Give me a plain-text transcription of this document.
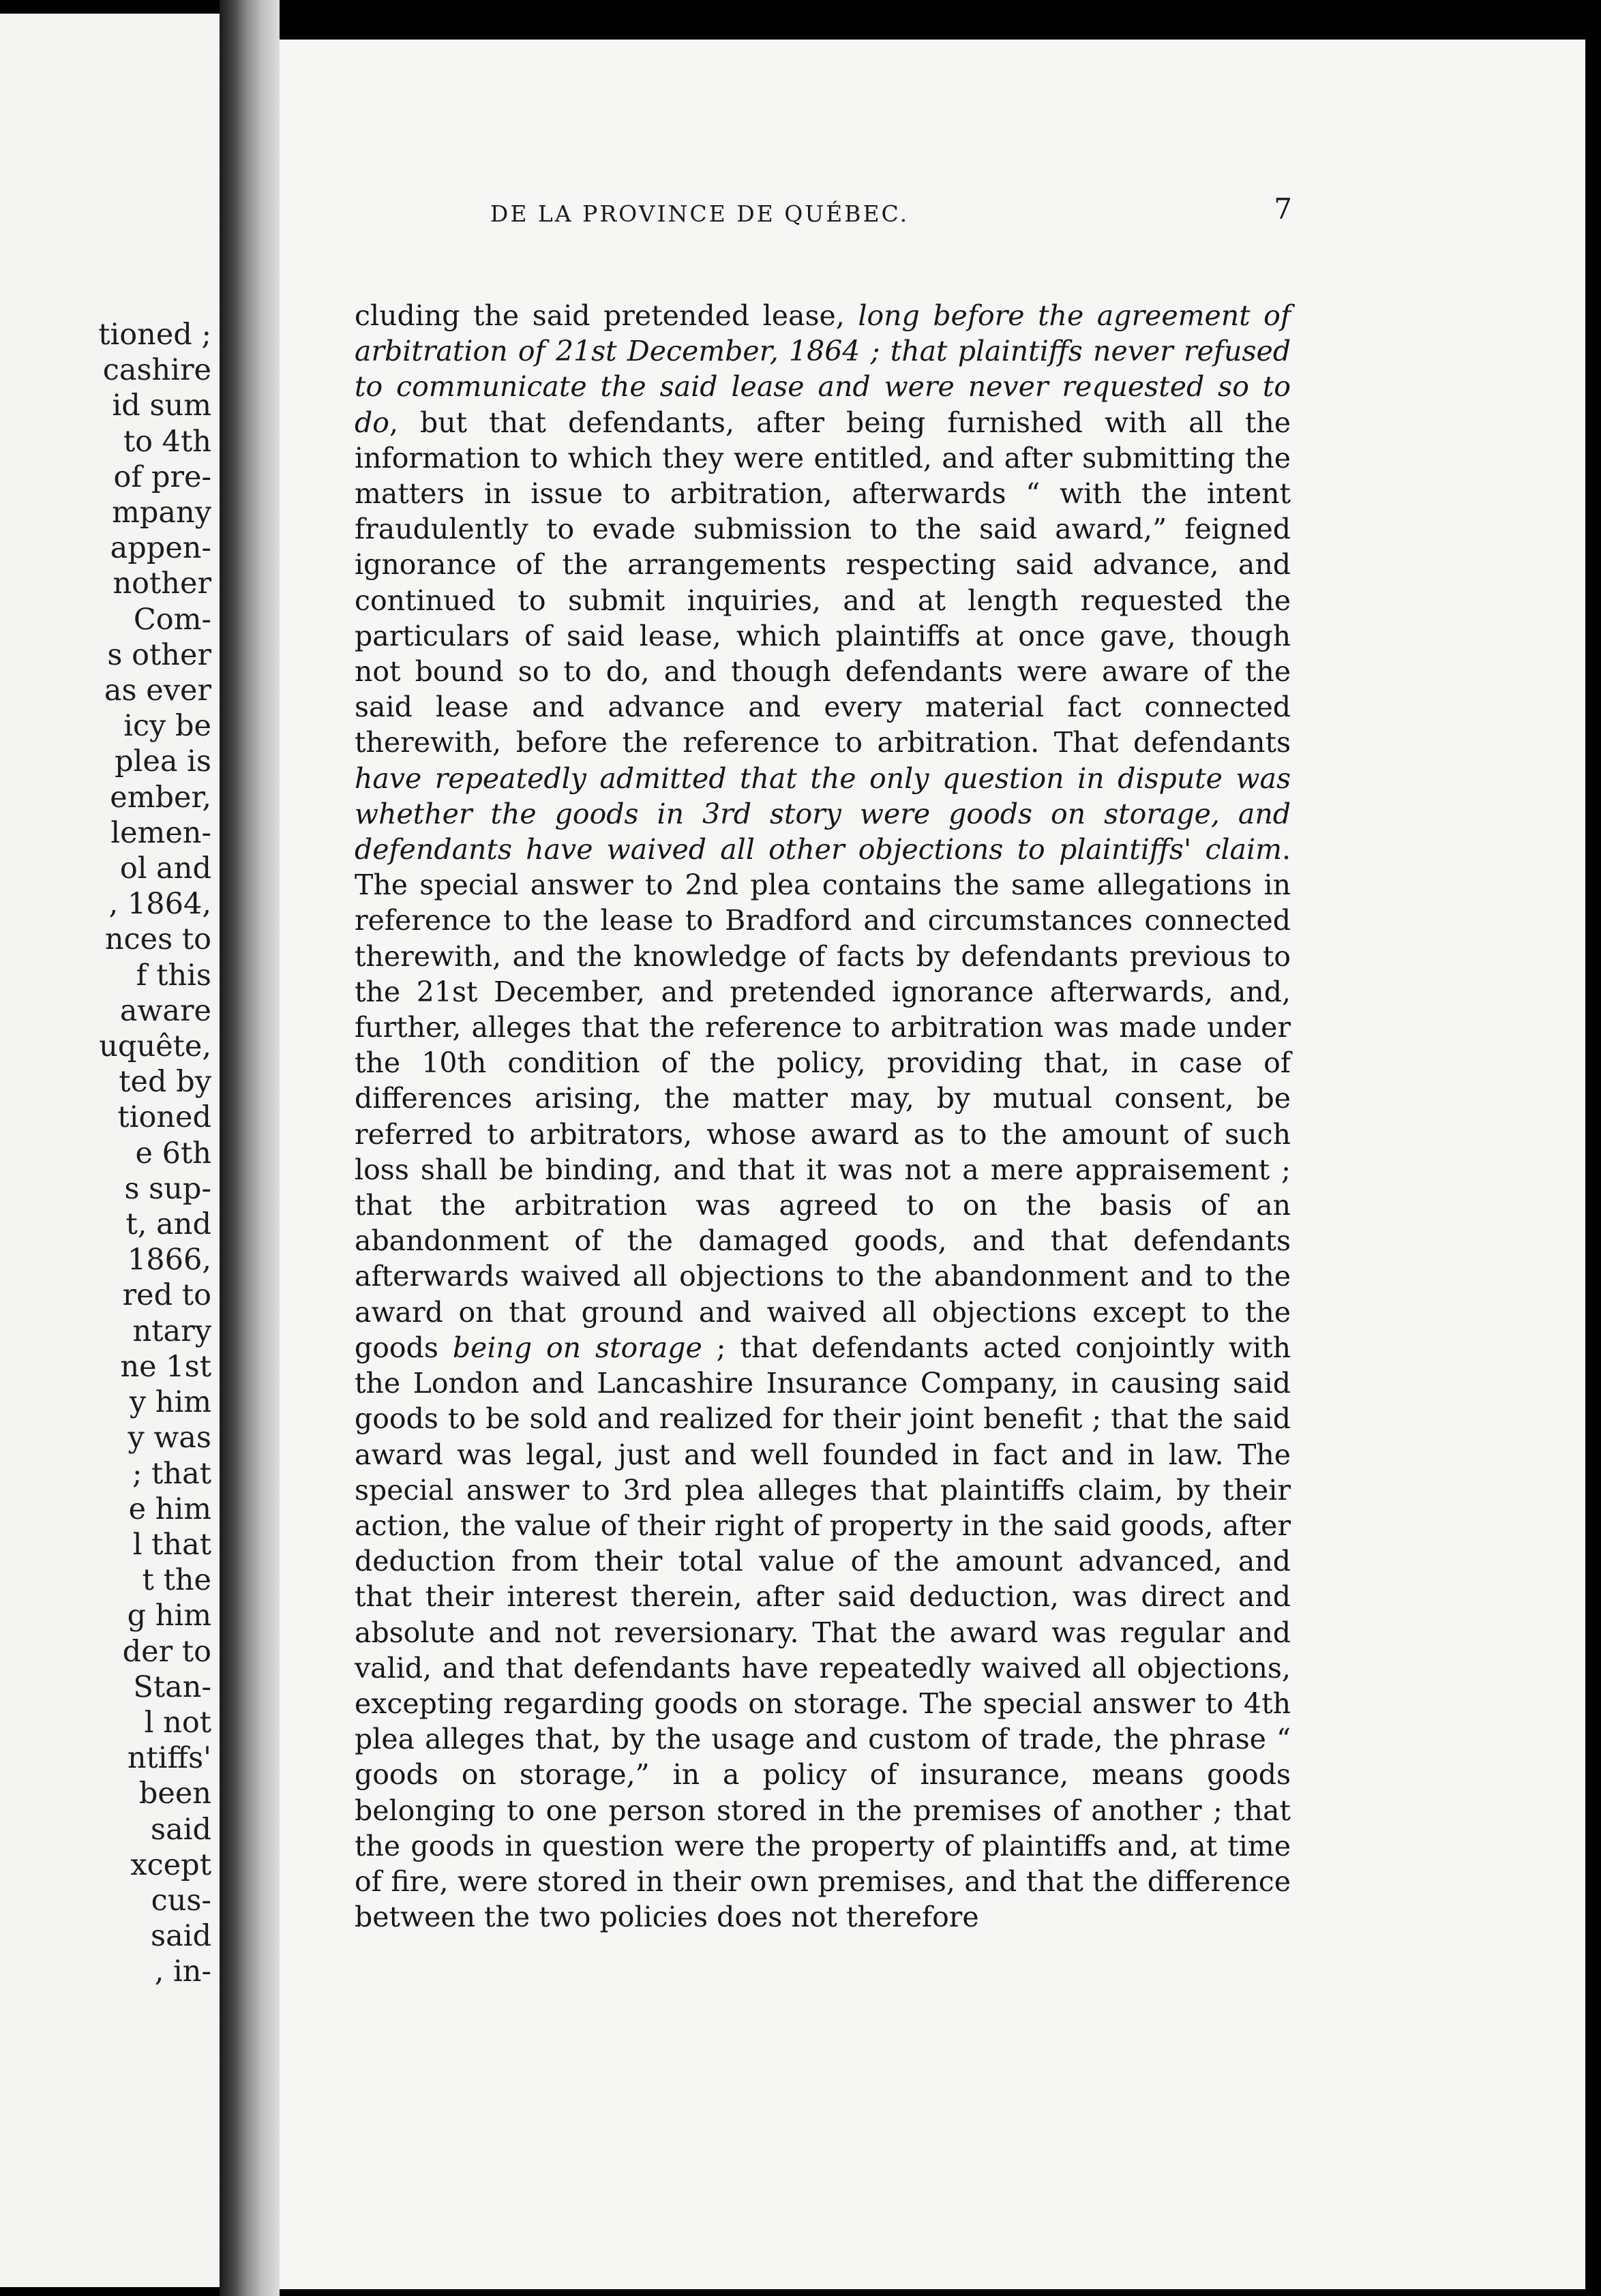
tioned ;
cashire
id sum
to 4th
of pre-
mpany
appen-
nother
Com-
s other
as ever
icy be
plea is
ember,
lemen-
ol and
, 1864,
nces to
f this
aware
uquête,
ted by
tioned
e 6th
s sup-
t, and
1866,
red to
ntary
ne 1st
y him
y was
; that
e him
l that
t the
g him
der to
Stan-
l not
ntiffs'
been
said
xcept
cus-
said
, in-
DE LA PROVINCE DE QUÉBEC.	7

cluding the said pretended lease, long before the agreement of arbitration of 21st December, 1864 ; that plaintiffs never refused to communicate the said lease and were never requested so to do, but that defendants, after being furnished with all the information to which they were entitled, and after submitting the matters in issue to arbitration, afterwards “ with the intent fraudulently to evade submission to the said award,” feigned ignorance of the arrangements respecting said advance, and continued to submit inquiries, and at length requested the particulars of said lease, which plaintiffs at once gave, though not bound so to do, and though defendants were aware of the said lease and advance and every material fact connected therewith, before the reference to arbitration. That defendants have repeatedly admitted that the only question in dispute was whether the goods in 3rd story were goods on storage, and defendants have waived all other objections to plaintiffs' claim. The special answer to 2nd plea contains the same allegations in reference to the lease to Bradford and circumstances connected therewith, and the knowledge of facts by defendants previous to the 21st December, and pretended ignorance afterwards, and, further, alleges that the reference to arbitration was made under the 10th condition of the policy, providing that, in case of differences arising, the matter may, by mutual consent, be referred to arbitrators, whose award as to the amount of such loss shall be binding, and that it was not a mere appraisement ; that the arbitration was agreed to on the basis of an abandonment of the damaged goods, and that defendants afterwards waived all objections to the abandonment and to the award on that ground and waived all objections except to the goods being on storage ; that defendants acted conjointly with the London and Lancashire Insurance Company, in causing said goods to be sold and realized for their joint benefit ; that the said award was legal, just and well founded in fact and in law. The special answer to 3rd plea alleges that plaintiffs claim, by their action, the value of their right of property in the said goods, after deduction from their total value of the amount advanced, and that their interest therein, after said deduction, was direct and absolute and not reversionary. That the award was regular and valid, and that defendants have repeatedly waived all objections, excepting regarding goods on storage. The special answer to 4th plea alleges that, by the usage and custom of trade, the phrase “ goods on storage,” in a policy of insurance, means goods belonging to one person stored in the premises of another ; that the goods in question were the property of plaintiffs and, at time of fire, were stored in their own premises, and that the difference between the two policies does not therefore
